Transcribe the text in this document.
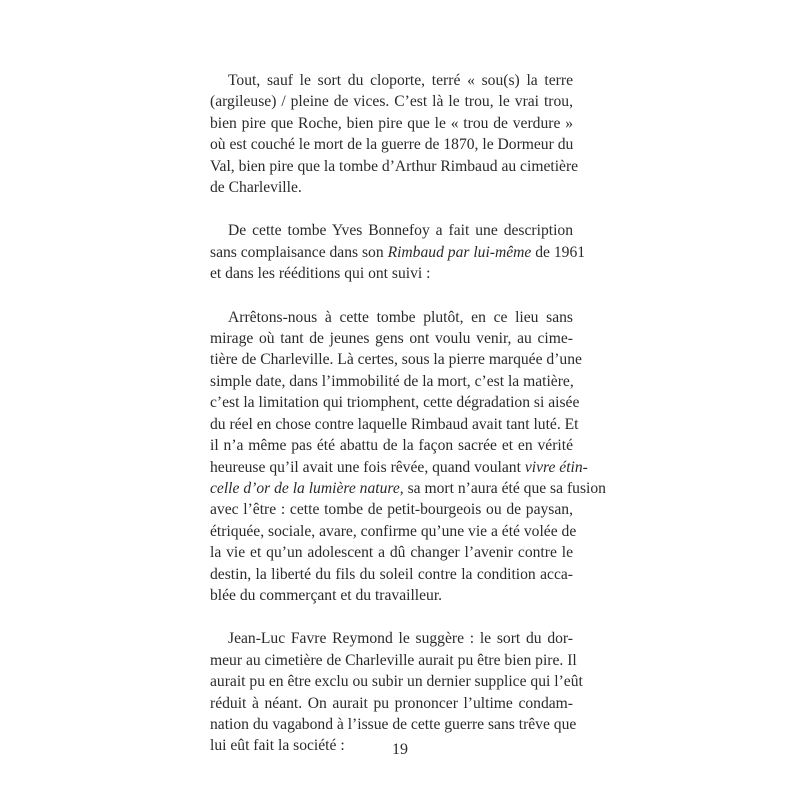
Tout, sauf le sort du cloporte, terré « sou(s) la terre
(argileuse) / pleine de vices. C’est là le trou, le vrai trou,
bien pire que Roche, bien pire que le « trou de verdure »
où est couché le mort de la guerre de 1870, le Dormeur du
Val, bien pire que la tombe d’Arthur Rimbaud au cimetière
de Charleville.

De cette tombe Yves Bonnefoy a fait une description
sans complaisance dans son Rimbaud par lui-même de 1961
et dans les rééditions qui ont suivi :

Arrêtons-nous à cette tombe plutôt, en ce lieu sans
mirage où tant de jeunes gens ont voulu venir, au cime-
tière de Charleville. Là certes, sous la pierre marquée d’une
simple date, dans l’immobilité de la mort, c’est la matière,
c’est la limitation qui triomphent, cette dégradation si aisée
du réel en chose contre laquelle Rimbaud avait tant luté. Et
il n’a même pas été abattu de la façon sacrée et en vérité
heureuse qu’il avait une fois rêvée, quand voulant vivre étin-
celle d’or de la lumière nature, sa mort n’aura été que sa fusion
avec l’être : cette tombe de petit-bourgeois ou de paysan,
étriquée, sociale, avare, confirme qu’une vie a été volée de
la vie et qu’un adolescent a dû changer l’avenir contre le
destin, la liberté du fils du soleil contre la condition acca-
blée du commerçant et du travailleur.

Jean-Luc Favre Reymond le suggère : le sort du dor-
meur au cimetière de Charleville aurait pu être bien pire. Il
aurait pu en être exclu ou subir un dernier supplice qui l’eût
réduit à néant. On aurait pu prononcer l’ultime condam-
nation du vagabond à l’issue de cette guerre sans trêve que
lui eût fait la société :	19
